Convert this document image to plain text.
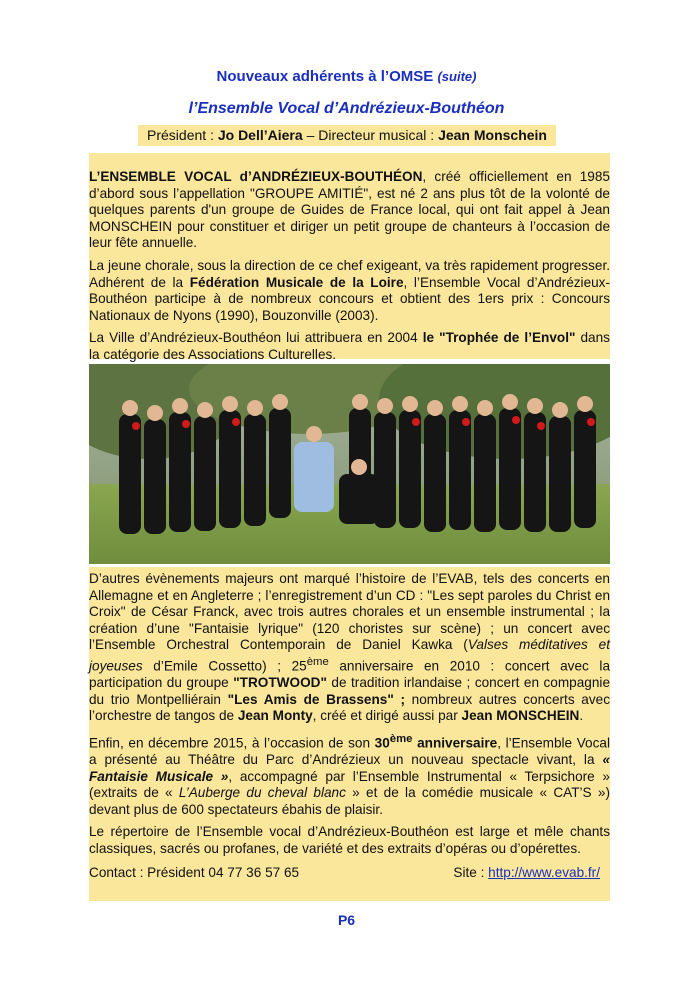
Nouveaux adhérents à l’OMSE (suite)
l’Ensemble Vocal d’Andrézieux-Bouthéon
Président : Jo Dell’Aiera – Directeur musical : Jean Monschein

L’ENSEMBLE VOCAL d’ANDRÉZIEUX-BOUTHÉON, créé officiellement en 1985 d’abord sous l’appellation "GROUPE AMITIÉ", est né 2 ans plus tôt de la volonté de quelques parents d'un groupe de Guides de France local, qui ont fait appel à Jean MONSCHEIN pour constituer et diriger un petit groupe de chanteurs à l’occasion de leur fête annuelle.

La jeune chorale, sous la direction de ce chef exigeant, va très rapidement progresser. Adhérent de la Fédération Musicale de la Loire, l’Ensemble Vocal d’Andrézieux-Bouthéon participe à de nombreux concours et obtient des 1ers prix : Concours Nationaux de Nyons (1990), Bouzonville (2003).

La Ville d’Andrézieux-Bouthéon lui attribuera en 2004 le "Trophée de l’Envol" dans la catégorie des Associations Culturelles.

D’autres évènements majeurs ont marqué l’histoire de l’EVAB, tels des concerts en Allemagne et en Angleterre ; l’enregistrement d’un CD : "Les sept paroles du Christ en Croix" de César Franck, avec trois autres chorales et un ensemble instrumental ; la création d’une "Fantaisie lyrique" (120 choristes sur scène) ; un concert avec l’Ensemble Orchestral Contemporain de Daniel Kawka (Valses méditatives et joyeuses d’Emile Cossetto) ; 25ème anniversaire en 2010 : concert avec la participation du groupe "TROTWOOD" de tradition irlandaise ; concert en compagnie du trio Montpelliérain "Les Amis de Brassens" ; nombreux autres concerts avec l’orchestre de tangos de Jean Monty, créé et dirigé aussi par Jean MONSCHEIN.

Enfin, en décembre 2015, à l’occasion de son 30ème anniversaire, l’Ensemble Vocal a présenté au Théâtre du Parc d’Andrézieux un nouveau spectacle vivant, la « Fantaisie Musicale », accompagné par l’Ensemble Instrumental « Terpsichore » (extraits de « L’Auberge du cheval blanc » et de la comédie musicale « CAT’S ») devant plus de 600 spectateurs ébahis de plaisir.

Le répertoire de l’Ensemble vocal d’Andrézieux-Bouthéon est large et mêle chants classiques, sacrés ou profanes, de variété et des extraits d’opéras ou d’opérettes.

Contact : Président 04 77 36 57 65	Site : http://www.evab.fr/
P6
